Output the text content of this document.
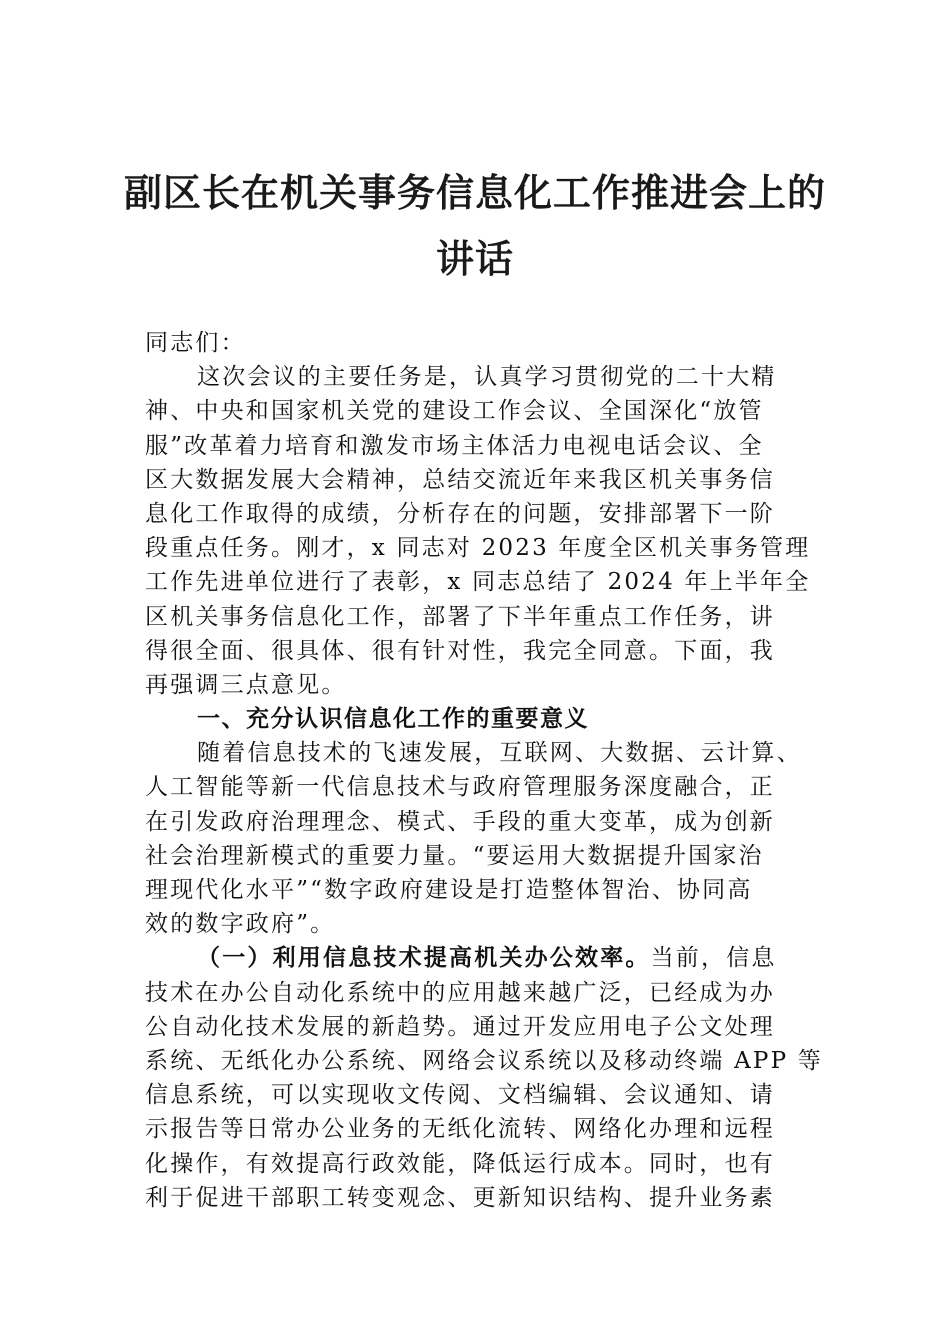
副区长在机关事务信息化工作推进会上的
讲话
同志们：
这次会议的主要任务是，认真学习贯彻党的二十大精
神、中央和国家机关党的建设工作会议、全国深化“放管
服”改革着力培育和激发市场主体活力电视电话会议、全
区大数据发展大会精神，总结交流近年来我区机关事务信
息化工作取得的成绩，分析存在的问题，安排部署下一阶
段重点任务。刚才，x 同志对 2023 年度全区机关事务管理
工作先进单位进行了表彰，x 同志总结了 2024 年上半年全
区机关事务信息化工作，部署了下半年重点工作任务，讲
得很全面、很具体、很有针对性，我完全同意。下面，我
再强调三点意见。
一、充分认识信息化工作的重要意义
随着信息技术的飞速发展，互联网、大数据、云计算、
人工智能等新一代信息技术与政府管理服务深度融合，正
在引发政府治理理念、模式、手段的重大变革，成为创新
社会治理新模式的重要力量。“要运用大数据提升国家治
理现代化水平”“数字政府建设是打造整体智治、协同高
效的数字政府”。
（一）利用信息技术提高机关办公效率。当前，信息
技术在办公自动化系统中的应用越来越广泛，已经成为办
公自动化技术发展的新趋势。通过开发应用电子公文处理
系统、无纸化办公系统、网络会议系统以及移动终端 APP 等
信息系统，可以实现收文传阅、文档编辑、会议通知、请
示报告等日常办公业务的无纸化流转、网络化办理和远程
化操作，有效提高行政效能，降低运行成本。同时，也有
利于促进干部职工转变观念、更新知识结构、提升业务素
